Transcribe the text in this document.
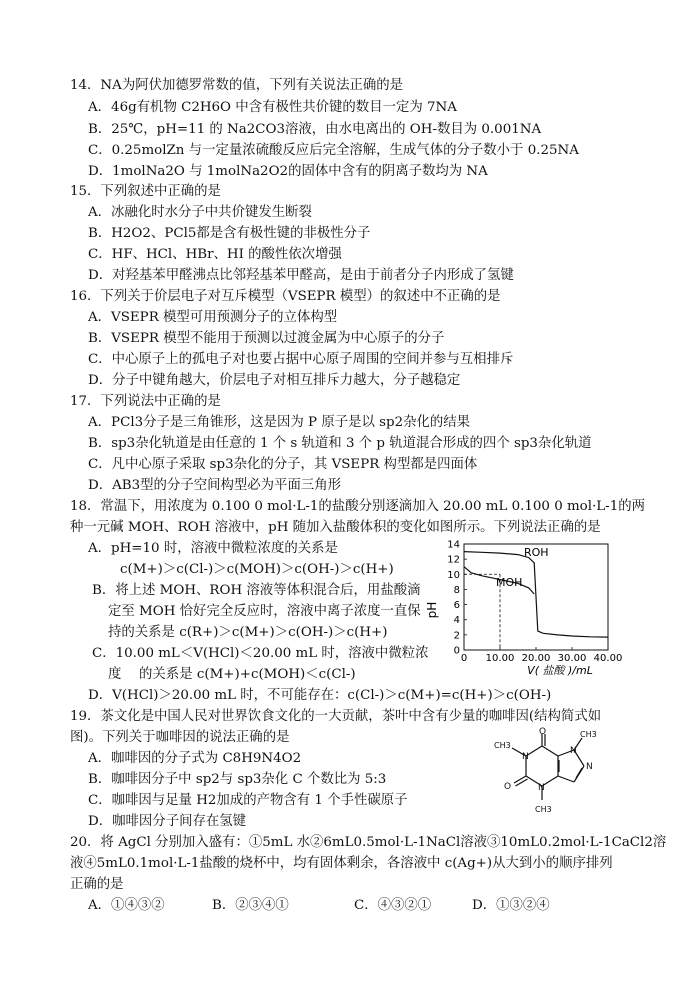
14．NA为阿伏加德罗常数的值，下列有关说法正确的是
A．46g有机物 C2H6O 中含有极性共价键的数目一定为 7NA
B．25℃，pH=11 的 Na2CO3溶液，由水电离出的 OH-数目为 0.001NA
C．0.25molZn 与一定量浓硫酸反应后完全溶解，生成气体的分子数小于 0.25NA
D．1molNa2O 与 1molNa2O2的固体中含有的阴离子数均为 NA
15．下列叙述中正确的是
A．冰融化时水分子中共价键发生断裂
B．H2O2、PCl5都是含有极性键的非极性分子
C．HF、HCl、HBr、HI 的酸性依次增强
D．对羟基苯甲醛沸点比邻羟基苯甲醛高，是由于前者分子内形成了氢键
16．下列关于价层电子对互斥模型（VSEPR 模型）的叙述中不正确的是
A．VSEPR 模型可用预测分子的立体构型
B．VSEPR 模型不能用于预测以过渡金属为中心原子的分子
C．中心原子上的孤电子对也要占据中心原子周围的空间并参与互相排斥
D．分子中键角越大，价层电子对相互排斥力越大，分子越稳定
17．下列说法中正确的是
A．PCl3分子是三角锥形，这是因为 P 原子是以 sp2杂化的结果
B．sp3杂化轨道是由任意的 1 个 s 轨道和 3 个 p 轨道混合形成的四个 sp3杂化轨道
C．凡中心原子采取 sp3杂化的分子，其 VSEPR 构型都是四面体
D．AB3型的分子空间构型必为平面三角形
18．常温下，用浓度为 0.100 0 mol·L-1的盐酸分别逐滴加入 20.00 mL 0.100 0 mol·L-1的两
种一元碱 MOH、ROH 溶液中，pH 随加入盐酸体积的变化如图所示。下列说法正确的是
A．pH=10 时，溶液中微粒浓度的关系是
c(M+)＞c(Cl-)＞c(MOH)＞c(OH-)＞c(H+)
B．将上述 MOH、ROH 溶液等体积混合后，用盐酸滴
定至 MOH 恰好完全反应时，溶液中离子浓度一直保
持的关系是 c(R+)＞c(M+)＞c(OH-)＞c(H+)
C．10.00 mL＜V(HCl)＜20.00 mL 时，溶液中微粒浓
度　 的关系是 c(M+)+c(MOH)＜c(Cl-)
D．V(HCl)＞20.00 mL 时，不可能存在：c(Cl-)＞c(M+)=c(H+)＞c(OH-)
14
12
10
8
6
4
2
0
0 10.00 20.00 30.00 40.00
pH
V( 盐酸 )/mL
ROH
MOH
19．茶文化是中国人民对世界饮食文化的一大贡献，茶叶中含有少量的咖啡因(结构简式如
图)。下列关于咖啡因的说法正确的是
A．咖啡因的分子式为 C8H9N4O2
B．咖啡因分子中 sp2与 sp3杂化 C 个数比为 5:3
C．咖啡因与足量 H2加成的产物含有 1 个手性碳原子
D．咖啡因分子间存在氢键
O
O
N
N
N
N
CH3
CH3
CH3
20．将 AgCl 分别加入盛有：①5mL 水②6mL0.5mol·L-1NaCl溶液③10mL0.2mol·L-1CaCl2溶
液④5mL0.1mol·L-1盐酸的烧杯中，均有固体剩余，各溶液中 c(Ag+)从大到小的顺序排列
正确的是
A．①④③②	B．②③④①	C．④③②①	D．①③②④
